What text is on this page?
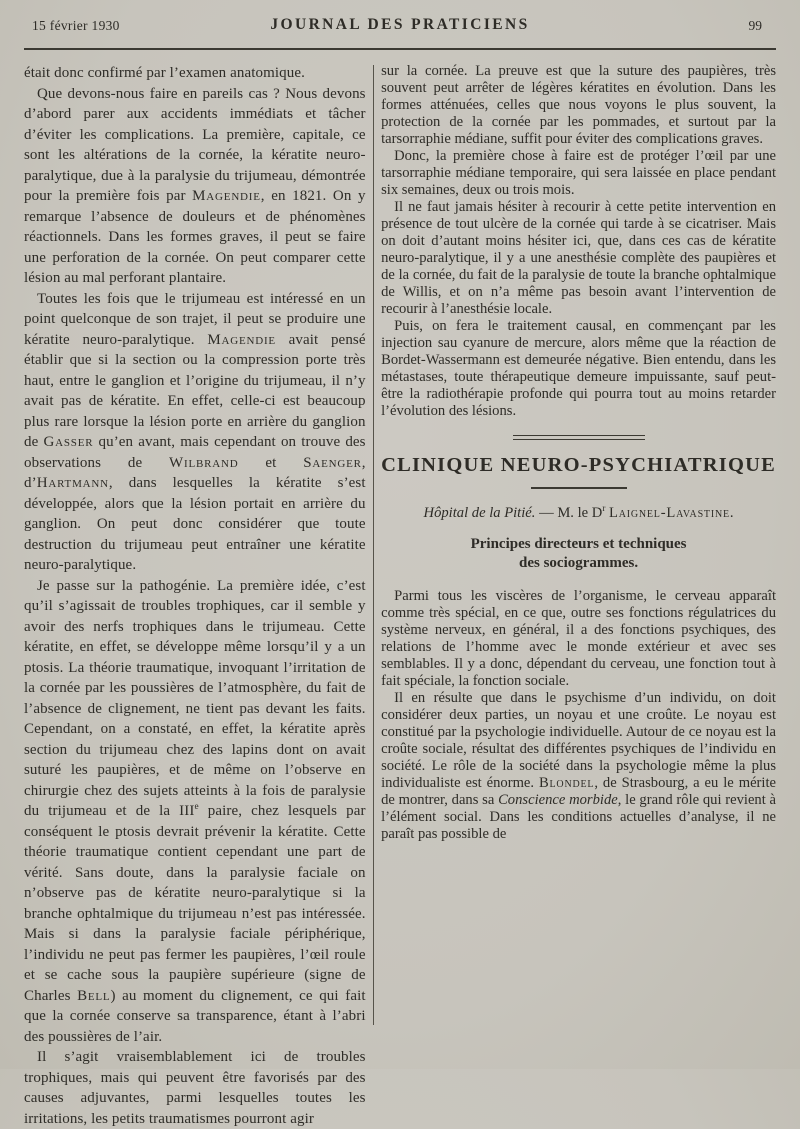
15 février 1930	JOURNAL DES PRATICIENS	99

était donc confirmé par l’examen anatomique.

Que devons-nous faire en pareils cas ? Nous devons d’abord parer aux accidents immédiats et tâcher d’éviter les complications. La première, capitale, ce sont les altérations de la cornée, la kératite neuro-paralytique, due à la paralysie du trijumeau, démontrée pour la première fois par Magendie, en 1821. On y remarque l’absence de douleurs et de phénomènes réactionnels. Dans les formes graves, il peut se faire une perforation de la cornée. On peut comparer cette lésion au mal perforant plantaire.

Toutes les fois que le trijumeau est intéressé en un point quelconque de son trajet, il peut se produire une kératite neuro-paralytique. Magendie avait pensé établir que si la section ou la compression porte très haut, entre le ganglion et l’origine du trijumeau, il n’y avait pas de kératite. En effet, celle-ci est beaucoup plus rare lorsque la lésion porte en arrière du ganglion de Gasser qu’en avant, mais cependant on trouve des observations de Wilbrand et Saenger, d’Hartmann, dans lesquelles la kératite s’est développée, alors que la lésion portait en arrière du ganglion. On peut donc considérer que toute destruction du trijumeau peut entraîner une kératite neuro-paralytique.

Je passe sur la pathogénie. La première idée, c’est qu’il s’agissait de troubles trophiques, car il semble y avoir des nerfs trophiques dans le trijumeau. Cette kératite, en effet, se développe même lorsqu’il y a un ptosis. La théorie traumatique, invoquant l’irritation de la cornée par les poussières de l’atmosphère, du fait de l’absence de clignement, ne tient pas devant les faits. Cependant, on a constaté, en effet, la kératite après section du trijumeau chez des lapins dont on avait suturé les paupières, et de même on l’observe en chirurgie chez des sujets atteints à la fois de paralysie du trijumeau et de la IIIe paire, chez lesquels par conséquent le ptosis devrait prévenir la kératite. Cette théorie traumatique contient cependant une part de vérité. Sans doute, dans la paralysie faciale on n’observe pas de kératite neuro-paralytique si la branche ophtalmique du trijumeau n’est pas intéressée. Mais si dans la paralysie faciale périphérique, l’individu ne peut pas fermer les paupières, l’œil roule et se cache sous la paupière supérieure (signe de Charles Bell) au moment du clignement, ce qui fait que la cornée conserve sa transparence, étant à l’abri des poussières de l’air.

Il s’agit vraisemblablement ici de troubles trophiques, mais qui peuvent être favorisés par des causes adjuvantes, parmi lesquelles toutes les irritations, les petits traumatismes pourront agir

sur la cornée. La preuve est que la suture des paupières, très souvent peut arrêter de légères kératites en évolution. Dans les formes atténuées, celles que nous voyons le plus souvent, la protection de la cornée par les pommades, et surtout par la tarsorraphie médiane, suffit pour éviter des complications graves.

Donc, la première chose à faire est de protéger l’œil par une tarsorraphie médiane temporaire, qui sera laissée en place pendant six semaines, deux ou trois mois.

Il ne faut jamais hésiter à recourir à cette petite intervention en présence de tout ulcère de la cornée qui tarde à se cicatriser. Mais on doit d’autant moins hésiter ici, que, dans ces cas de kératite neuro-paralytique, il y a une anesthésie complète des paupières et de la cornée, du fait de la paralysie de toute la branche ophtalmique de Willis, et on n’a même pas besoin avant l’intervention de recourir à l’anesthésie locale.

Puis, on fera le traitement causal, en commençant par les injection sau cyanure de mercure, alors même que la réaction de Bordet-Wassermann est demeurée négative. Bien entendu, dans les métastases, toute thérapeutique demeure impuissante, sauf peut-être la radiothérapie profonde qui pourra tout au moins retarder l’évolution des lésions.

CLINIQUE NEURO-PSYCHIATRIQUE

Hôpital de la Pitié. — M. le $D^r$ Laignel-Lavastine.

Principes directeurs et techniques
des sociogrammes.

Parmi tous les viscères de l’organisme, le cerveau apparaît comme très spécial, en ce que, outre ses fonctions régulatrices du système nerveux, en général, il a des fonctions psychiques, des relations de l’homme avec le monde extérieur et avec ses semblables. Il y a donc, dépendant du cerveau, une fonction tout à fait spéciale, la fonction sociale.

Il en résulte que dans le psychisme d’un individu, on doit considérer deux parties, un noyau et une croûte. Le noyau est constitué par la psychologie individuelle. Autour de ce noyau est la croûte sociale, résultat des différentes psychiques de l’individu en société. Le rôle de la société dans la psychologie même la plus individualiste est énorme. Blondel, de Strasbourg, a eu le mérite de montrer, dans sa Conscience morbide, le grand rôle qui revient à l’élément social. Dans les conditions actuelles d’analyse, il ne paraît pas possible de
